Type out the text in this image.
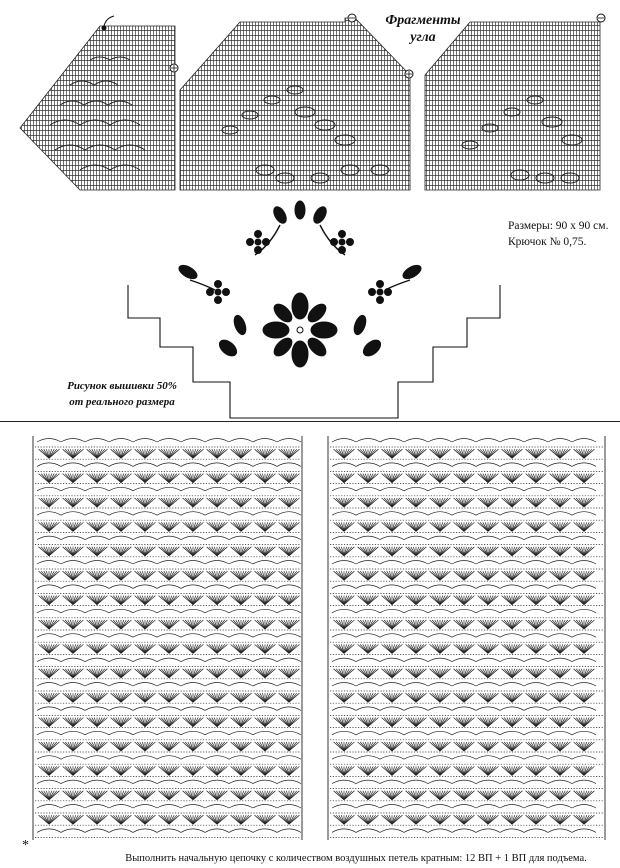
Фрагменты
угла
Размеры: 90 х 90 см.
Крючок № 0,75.
Рисунок вышивки 50%
от реального размера
*
Выполнить начальную цепочку с количеством воздушных петель кратным: 12 ВП + 1 ВП для подъема.
